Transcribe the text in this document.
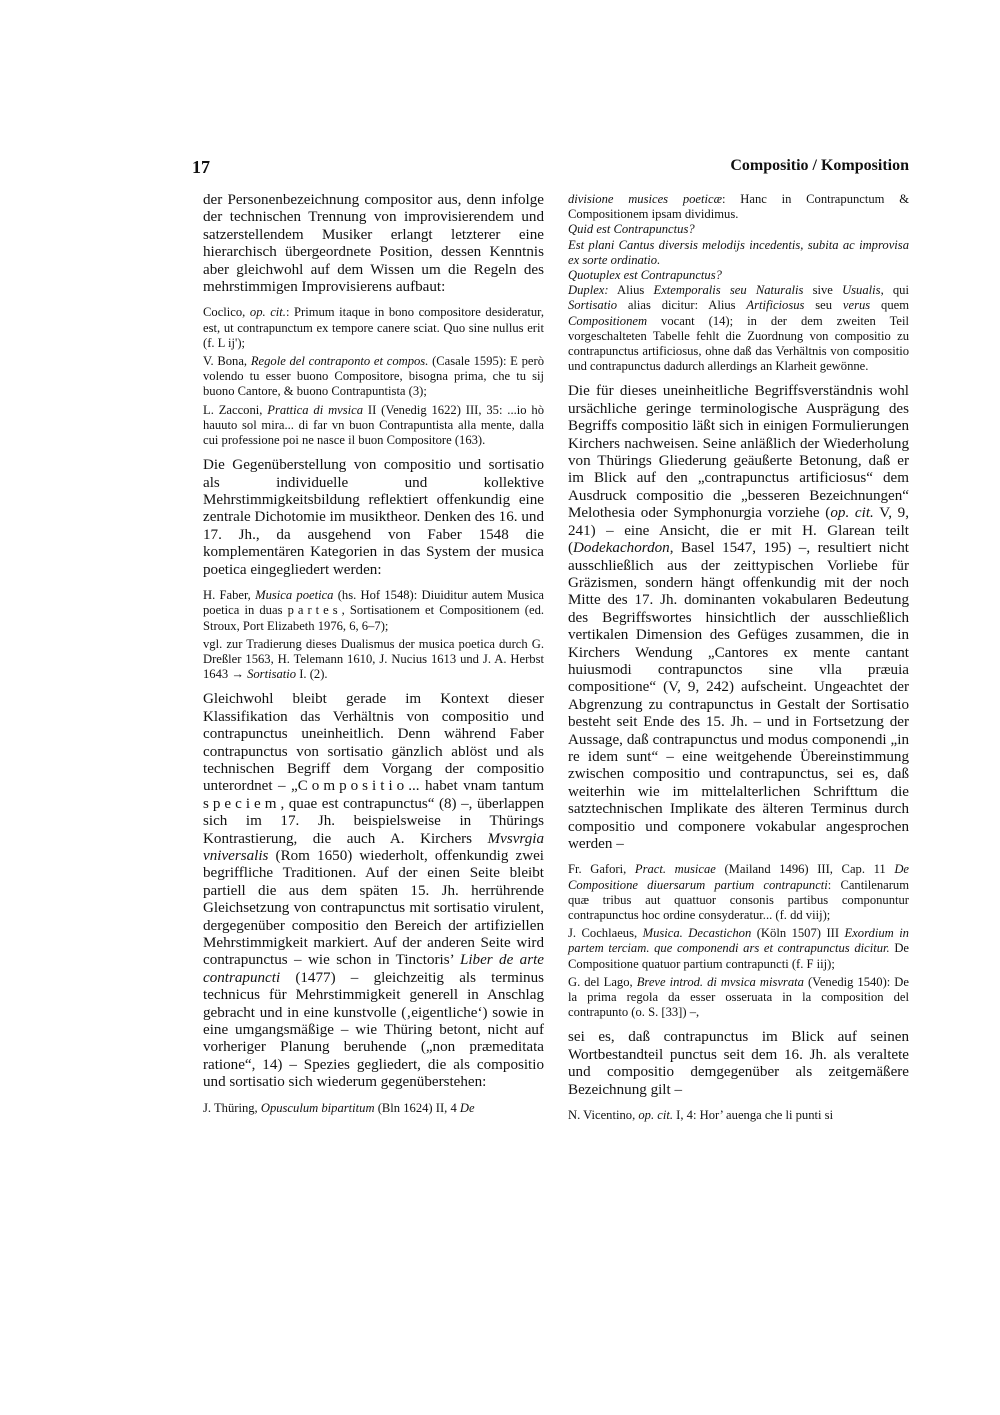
17	Compositio / Komposition

der Personenbezeichnung compositor aus, denn infolge der technischen Trennung von improvisierendem und satzerstellendem Musiker erlangt letzterer eine hierarchisch übergeordnete Position, dessen Kenntnis aber gleichwohl auf dem Wissen um die Regeln des mehrstimmigen Improvisierens aufbaut:

Coclico, op. cit.: Primum itaque in bono compositore desideratur, est, ut contrapunctum ex tempore canere sciat. Quo sine nullus erit (f. L ij');

V. Bona, Regole del contraponto et compos. (Casale 1595): E però volendo tu esser buono Compositore, bisogna prima, che tu sij buono Cantore, & buono Contrapuntista (3);

L. Zacconi, Prattica di mvsica II (Venedig 1622) III, 35: ...io hò hauuto sol mira... di far vn buon Contrapuntista alla mente, dalla cui professione poi ne nasce il buon Compositore (163).

Die Gegenüberstellung von compositio und sortisatio als individuelle und kollektive Mehrstimmigkeitsbildung reflektiert offenkundig eine zentrale Dichotomie im musiktheor. Denken des 16. und 17. Jh., da ausgehend von Faber 1548 die komplementären Kategorien in das System der musica poetica eingegliedert werden:

H. Faber, Musica poetica (hs. Hof 1548): Diuiditur autem Musica poetica in duas partes, Sortisationem et Compositionem (ed. Stroux, Port Elizabeth 1976, 6, 6–7);

vgl. zur Tradierung dieses Dualismus der musica poetica durch G. Dreßler 1563, H. Telemann 1610, J. Nucius 1613 und J. A. Herbst 1643 → Sortisatio I. (2).

Gleichwohl bleibt gerade im Kontext dieser Klassifikation das Verhältnis von compositio und contrapunctus uneinheitlich. Denn während Faber contrapunctus von sortisatio gänzlich ablöst und als technischen Begriff dem Vorgang der compositio unterordnet – „Compositio... habet vnam tantum speciem, quae est contrapunctus“ (8) –, überlappen sich im 17. Jh. beispielsweise in Thürings Kontrastierung, die auch A. Kirchers Mvsvrgia vniversalis (Rom 1650) wiederholt, offenkundig zwei begriffliche Traditionen. Auf der einen Seite bleibt partiell die aus dem späten 15. Jh. herrührende Gleichsetzung von contrapunctus mit sortisatio virulent, dergegenüber compositio den Bereich der artifiziellen Mehrstimmigkeit markiert. Auf der anderen Seite wird contrapunctus – wie schon in Tinctoris’ Liber de arte contrapuncti (1477) – gleichzeitig als terminus technicus für Mehrstimmigkeit generell in Anschlag gebracht und in eine kunstvolle (‚eigentliche‘) sowie in eine umgangsmäßige – wie Thüring betont, nicht auf vorheriger Planung beruhende („non præmeditata ratione“, 14) – Spezies gegliedert, die als compositio und sortisatio sich wiederum gegenüberstehen:

J. Thüring, Opusculum bipartitum (Bln 1624) II, 4 De

divisione musices poeticæ: Hanc in Contrapunctum & Compositionem ipsam dividimus.

Quid est Contrapunctus?

Est plani Cantus diversis melodijs incedentis, subita ac improvisa ex sorte ordinatio.

Quotuplex est Contrapunctus?

Duplex: Alius Extemporalis seu Naturalis sive Usualis, qui Sortisatio alias dicitur: Alius Artificiosus seu verus quem Compositionem vocant (14); in der dem zweiten Teil vorgeschalteten Tabelle fehlt die Zuordnung von compositio zu contrapunctus artificiosus, ohne daß das Verhältnis von compositio und contrapunctus dadurch allerdings an Klarheit gewönne.

Die für dieses uneinheitliche Begriffsverständnis wohl ursächliche geringe terminologische Ausprägung des Begriffs compositio läßt sich in einigen Formulierungen Kirchers nachweisen. Seine anläßlich der Wiederholung von Thürings Gliederung geäußerte Betonung, daß er im Blick auf den „contrapunctus artificiosus“ dem Ausdruck compositio die „besseren Bezeichnungen“ Melothesia oder Symphonurgia vorziehe (op. cit. V, 9, 241) – eine Ansicht, die er mit H. Glarean teilt (Dodekachordon, Basel 1547, 195) –, resultiert nicht ausschließlich aus der zeittypischen Vorliebe für Gräzismen, sondern hängt offenkundig mit der noch Mitte des 17. Jh. dominanten vokabularen Bedeutung des Begriffswortes hinsichtlich der ausschließlich vertikalen Dimension des Gefüges zusammen, die in Kirchers Wendung „Cantores ex mente cantant huiusmodi contrapunctos sine vlla præuia compositione“ (V, 9, 242) aufscheint. Ungeachtet der Abgrenzung zu contrapunctus in Gestalt der Sortisatio besteht seit Ende des 15. Jh. – und in Fortsetzung der Aussage, daß contrapunctus und modus componendi „in re idem sunt“ – eine weitgehende Übereinstimmung zwischen compositio und contrapunctus, sei es, daß weiterhin wie im mittelalterlichen Schrifttum die satztechnischen Implikate des älteren Terminus durch compositio und componere vokabular angesprochen werden –

Fr. Gafori, Pract. musicae (Mailand 1496) III, Cap. 11 De Compositione diuersarum partium contrapuncti: Cantilenarum quæ tribus aut quattuor consonis partibus componuntur contrapunctus hoc ordine consyderatur... (f. dd viij);

J. Cochlaeus, Musica. Decastichon (Köln 1507) III Exordium in partem terciam. que componendi ars et contrapunctus dicitur. De Compositione quatuor partium contrapuncti (f. F iij);

G. del Lago, Breve introd. di mvsica misvrata (Venedig 1540): De la prima regola da esser osseruata in la composition del contrapunto (o. S. [33]) –,

sei es, daß contrapunctus im Blick auf seinen Wortbestandteil punctus seit dem 16. Jh. als veraltete und compositio demgegenüber als zeitgemäßere Bezeichnung gilt –

N. Vicentino, op. cit. I, 4: Hor’ auenga che li punti si
